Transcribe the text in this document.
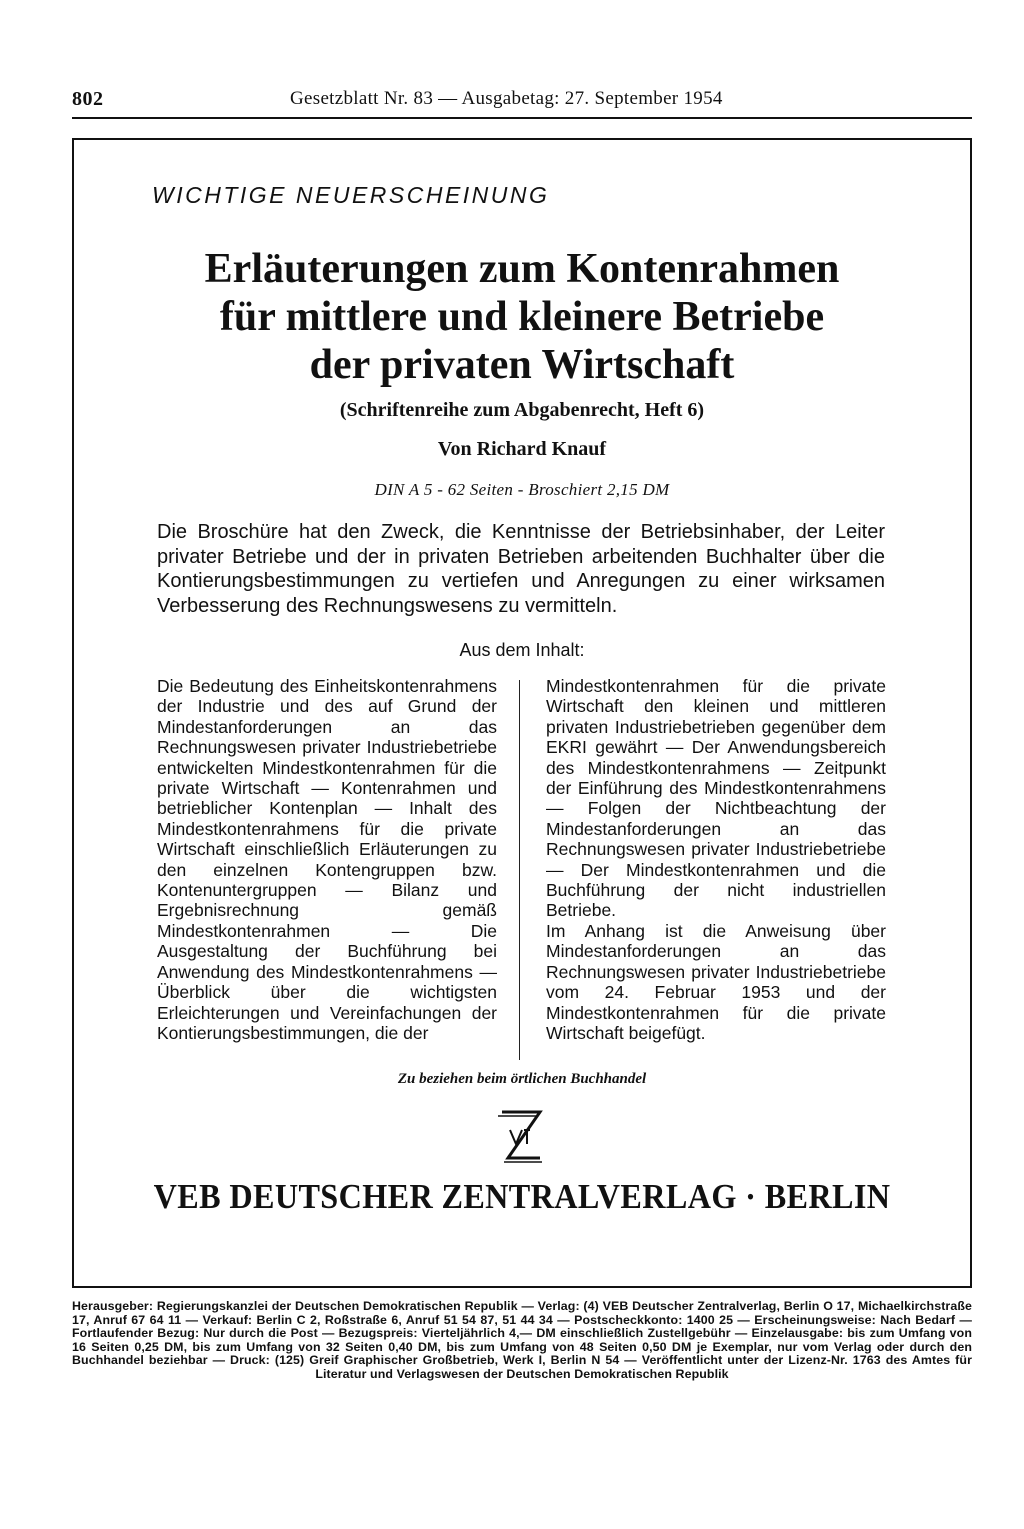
802	Gesetzblatt Nr. 83 — Ausgabetag: 27. September 1954
WICHTIGE NEUERSCHEINUNG
Erläuterungen zum Kontenrahmen
für mittlere und kleinere Betriebe
der privaten Wirtschaft
(Schriftenreihe zum Abgabenrecht, Heft 6)
Von Richard Knauf
DIN A 5 - 62 Seiten - Broschiert 2,15 DM
Die Broschüre hat den Zweck, die Kenntnisse der Betriebsinhaber, der Leiter privater Betriebe und der in privaten Betrieben arbeitenden Buchhalter über die Kontierungsbestimmungen zu vertiefen und Anregungen zu einer wirksamen Verbesserung des Rechnungswesens zu vermitteln.
Aus dem Inhalt:

Die Bedeutung des Einheitskontenrahmens der Industrie und des auf Grund der Mindestanforderungen an das Rechnungswesen privater Industriebetriebe entwickelten Mindestkontenrahmen für die private Wirtschaft — Kontenrahmen und betrieblicher Kontenplan — Inhalt des Mindestkontenrahmens für die private Wirtschaft einschließlich Erläuterungen zu den einzelnen Kontengruppen bzw. Kontenuntergruppen — Bilanz und Ergebnisrechnung gemäß Mindestkontenrahmen — Die Ausgestaltung der Buchführung bei Anwendung des Mindestkontenrahmens — Überblick über die wichtigsten Erleichterungen und Vereinfachungen der Kontierungsbestimmungen, die der

Mindestkontenrahmen für die private Wirtschaft den kleinen und mittleren privaten Industriebetrieben gegenüber dem EKRI gewährt — Der Anwendungsbereich des Mindestkontenrahmens — Zeitpunkt der Einführung des Mindestkontenrahmens — Folgen der Nichtbeachtung der Mindestanforderungen an das Rechnungswesen privater Industriebetriebe — Der Mindestkontenrahmen und die Buchführung der nicht industriellen Betriebe.

Im Anhang ist die Anweisung über Mindestanforderungen an das Rechnungswesen privater Industriebetriebe vom 24. Februar 1953 und der Mindestkontenrahmen für die private Wirtschaft beigefügt.

Zu beziehen beim örtlichen Buchhandel
VEB DEUTSCHER ZENTRALVERLAG · BERLIN
Herausgeber: Regierungskanzlei der Deutschen Demokratischen Republik — Verlag: (4) VEB Deutscher Zentralverlag, Berlin O 17, Michaelkirchstraße 17, Anruf 67 64 11 — Verkauf: Berlin C 2, Roßstraße 6, Anruf 51 54 87, 51 44 34 — Postscheckkonto: 1400 25 — Erscheinungsweise: Nach Bedarf — Fortlaufender Bezug: Nur durch die Post — Bezugspreis: Vierteljährlich 4,— DM einschließlich Zustellgebühr — Einzelausgabe: bis zum Umfang von 16 Seiten 0,25 DM, bis zum Umfang von 32 Seiten 0,40 DM, bis zum Umfang von 48 Seiten 0,50 DM je Exemplar, nur vom Verlag oder durch den Buchhandel beziehbar — Druck: (125) Greif Graphischer Großbetrieb, Werk I, Berlin N 54 — Veröffentlicht unter der Lizenz-Nr. 1763 des Amtes für Literatur und Verlagswesen der Deutschen Demokratischen Republik
